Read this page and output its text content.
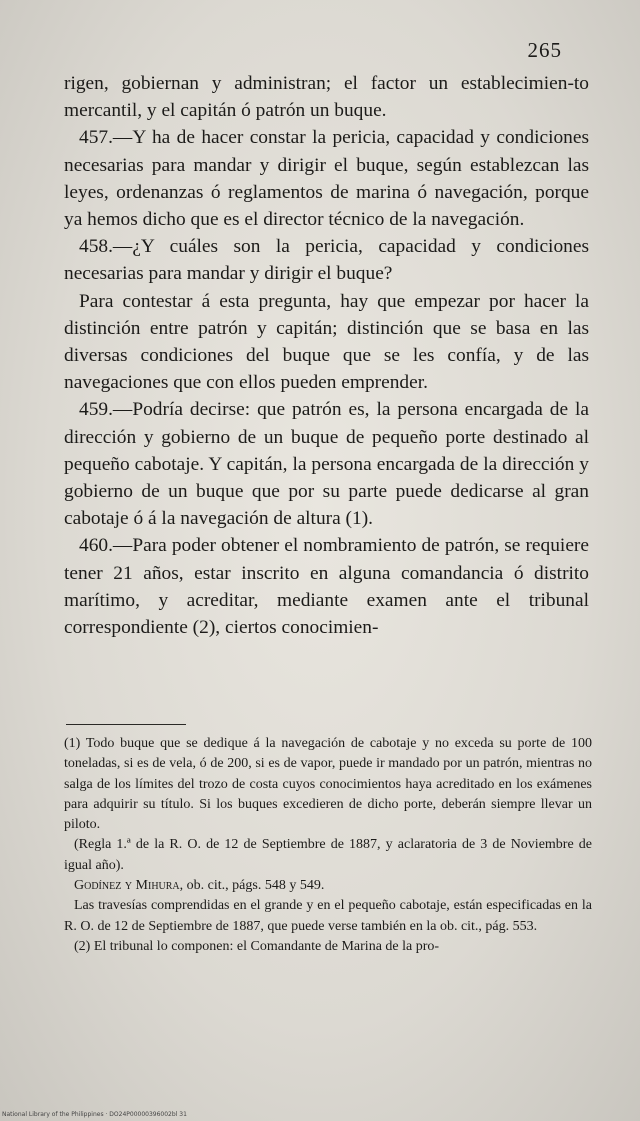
265

rigen, gobiernan y administran; el factor un establecimien-to mercantil, y el capitán ó patrón un buque.

457.—Y ha de hacer constar la pericia, capacidad y condiciones necesarias para mandar y dirigir el buque, según establezcan las leyes, ordenanzas ó reglamentos de marina ó navegación, porque ya hemos dicho que es el director técnico de la navegación.

458.—¿Y cuáles son la pericia, capacidad y condiciones necesarias para mandar y dirigir el buque?

Para contestar á esta pregunta, hay que empezar por hacer la distinción entre patrón y capitán; distinción que se basa en las diversas condiciones del buque que se les confía, y de las navegaciones que con ellos pueden emprender.

459.—Podría decirse: que patrón es, la persona encargada de la dirección y gobierno de un buque de pequeño porte destinado al pequeño cabotaje. Y capitán, la persona encargada de la dirección y gobierno de un buque que por su parte puede dedicarse al gran cabotaje ó á la navegación de altura (1).

460.—Para poder obtener el nombramiento de patrón, se requiere tener 21 años, estar inscrito en alguna comandancia ó distrito marítimo, y acreditar, mediante examen ante el tribunal correspondiente (2), ciertos conocimien-

(1) Todo buque que se dedique á la navegación de cabotaje y no exceda su porte de 100 toneladas, si es de vela, ó de 200, si es de vapor, puede ir mandado por un patrón, mientras no salga de los límites del trozo de costa cuyos conocimientos haya acreditado en los exámenes para adquirir su título. Si los buques excedieren de dicho porte, deberán siempre llevar un piloto.

(Regla 1.ª de la R. O. de 12 de Septiembre de 1887, y aclaratoria de 3 de Noviembre de igual año).

Godínez y Mihura, ob. cit., págs. 548 y 549.

Las travesías comprendidas en el grande y en el pequeño cabotaje, están especificadas en la R. O. de 12 de Septiembre de 1887, que puede verse también en la ob. cit., pág. 553.

(2) El tribunal lo componen: el Comandante de Marina de la pro-

National Library of the Philippines · DO24P00000396002bl 31
